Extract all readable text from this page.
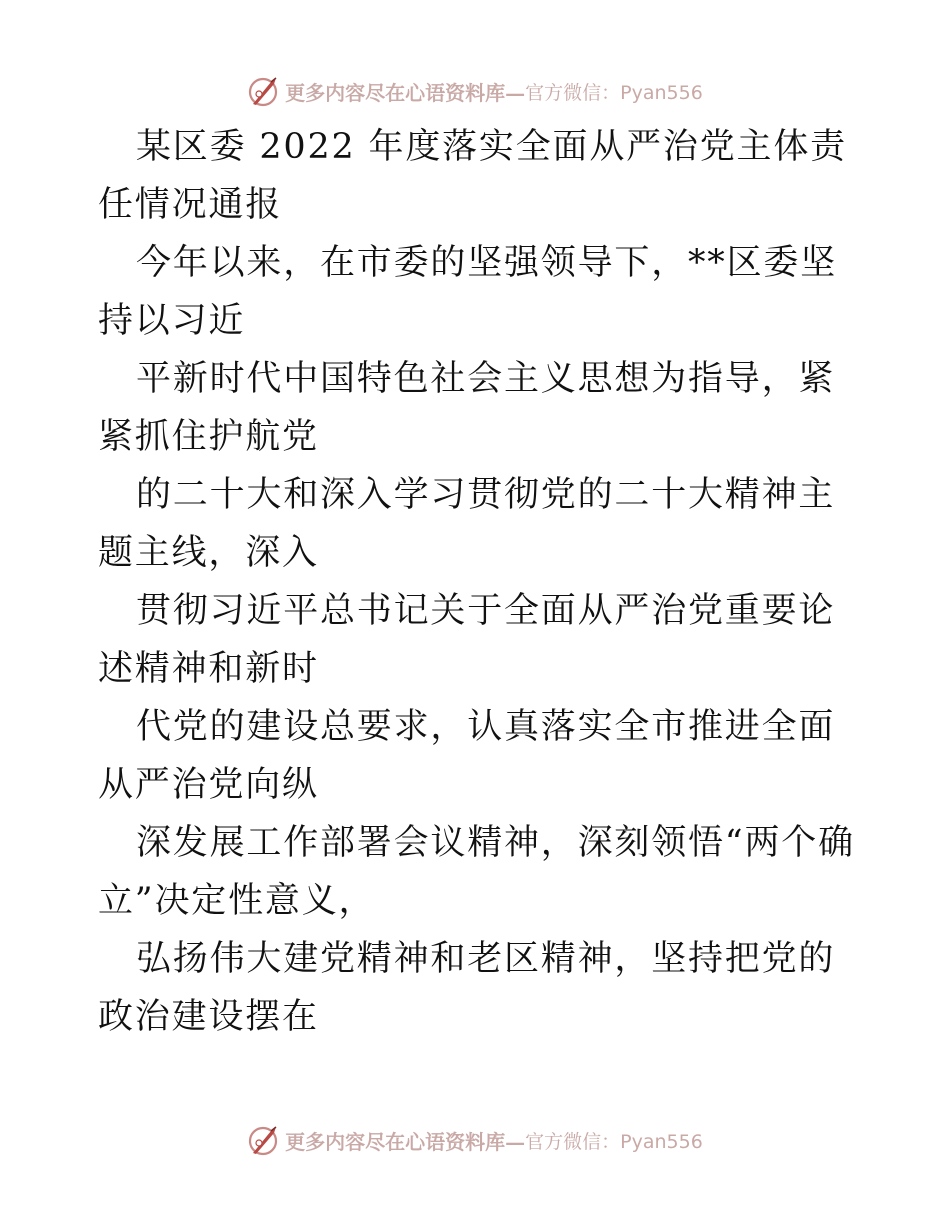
更多内容尽在心语资料库— 官方微信：Pyan556

某区委 2022 年度落实全面从严治党主体责任情况通报

今年以来，在市委的坚强领导下，**区委坚持以习近

平新时代中国特色社会主义思想为指导，紧紧抓住护航党

的二十大和深入学习贯彻党的二十大精神主题主线，深入

贯彻习近平总书记关于全面从严治党重要论述精神和新时

代党的建设总要求，认真落实全市推进全面从严治党向纵

深发展工作部署会议精神，深刻领悟“两个确立”决定性意义，

弘扬伟大建党精神和老区精神，坚持把党的政治建设摆在

更多内容尽在心语资料库— 官方微信：Pyan556
